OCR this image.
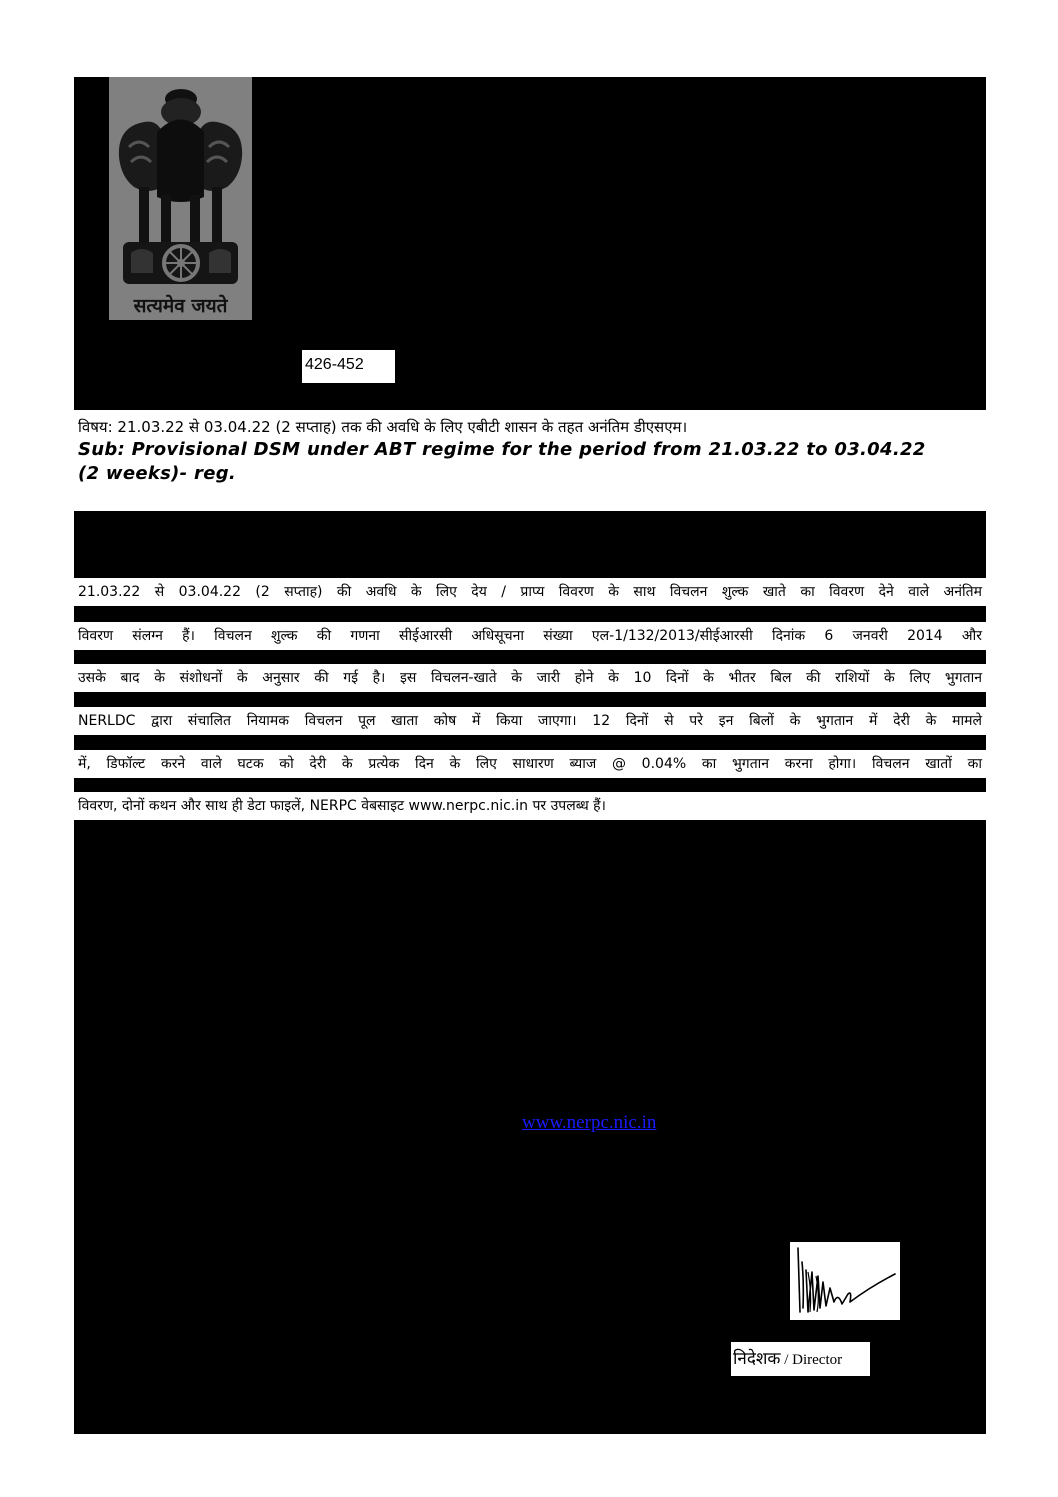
सत्यमेव जयते
426-452
विषय: 21.03.22 से 03.04.22 (2 सप्ताह) तक की अवधि के लिए एबीटी शासन के तहत अनंतिम डीएसएम।
Sub: Provisional DSM under ABT regime for the period from 21.03.22 to 03.04.22
(2 weeks)- reg.
21.03.22 से 03.04.22 (2 सप्ताह) की अवधि के लिए देय / प्राप्य विवरण के साथ विचलन शुल्क खाते का विवरण देने वाले अनंतिम
विवरण संलग्न हैं। विचलन शुल्क की गणना सीईआरसी अधिसूचना संख्या एल-1/132/2013/सीईआरसी दिनांक 6 जनवरी 2014 और
उसके बाद के संशोधनों के अनुसार की गई है। इस विचलन-खाते के जारी होने के 10 दिनों के भीतर बिल की राशियों के लिए भुगतान
NERLDC द्वारा संचालित नियामक विचलन पूल खाता कोष में किया जाएगा। 12 दिनों से परे इन बिलों के भुगतान में देरी के मामले
में, डिफॉल्ट करने वाले घटक को देरी के प्रत्येक दिन के लिए साधारण ब्याज @ 0.04% का भुगतान करना होगा। विचलन खातों का
विवरण, दोनों कथन और साथ ही डेटा फाइलें, NERPC वेबसाइट www.nerpc.nic.in पर उपलब्ध हैं।
www.nerpc.nic.in
निदेशक / Director
